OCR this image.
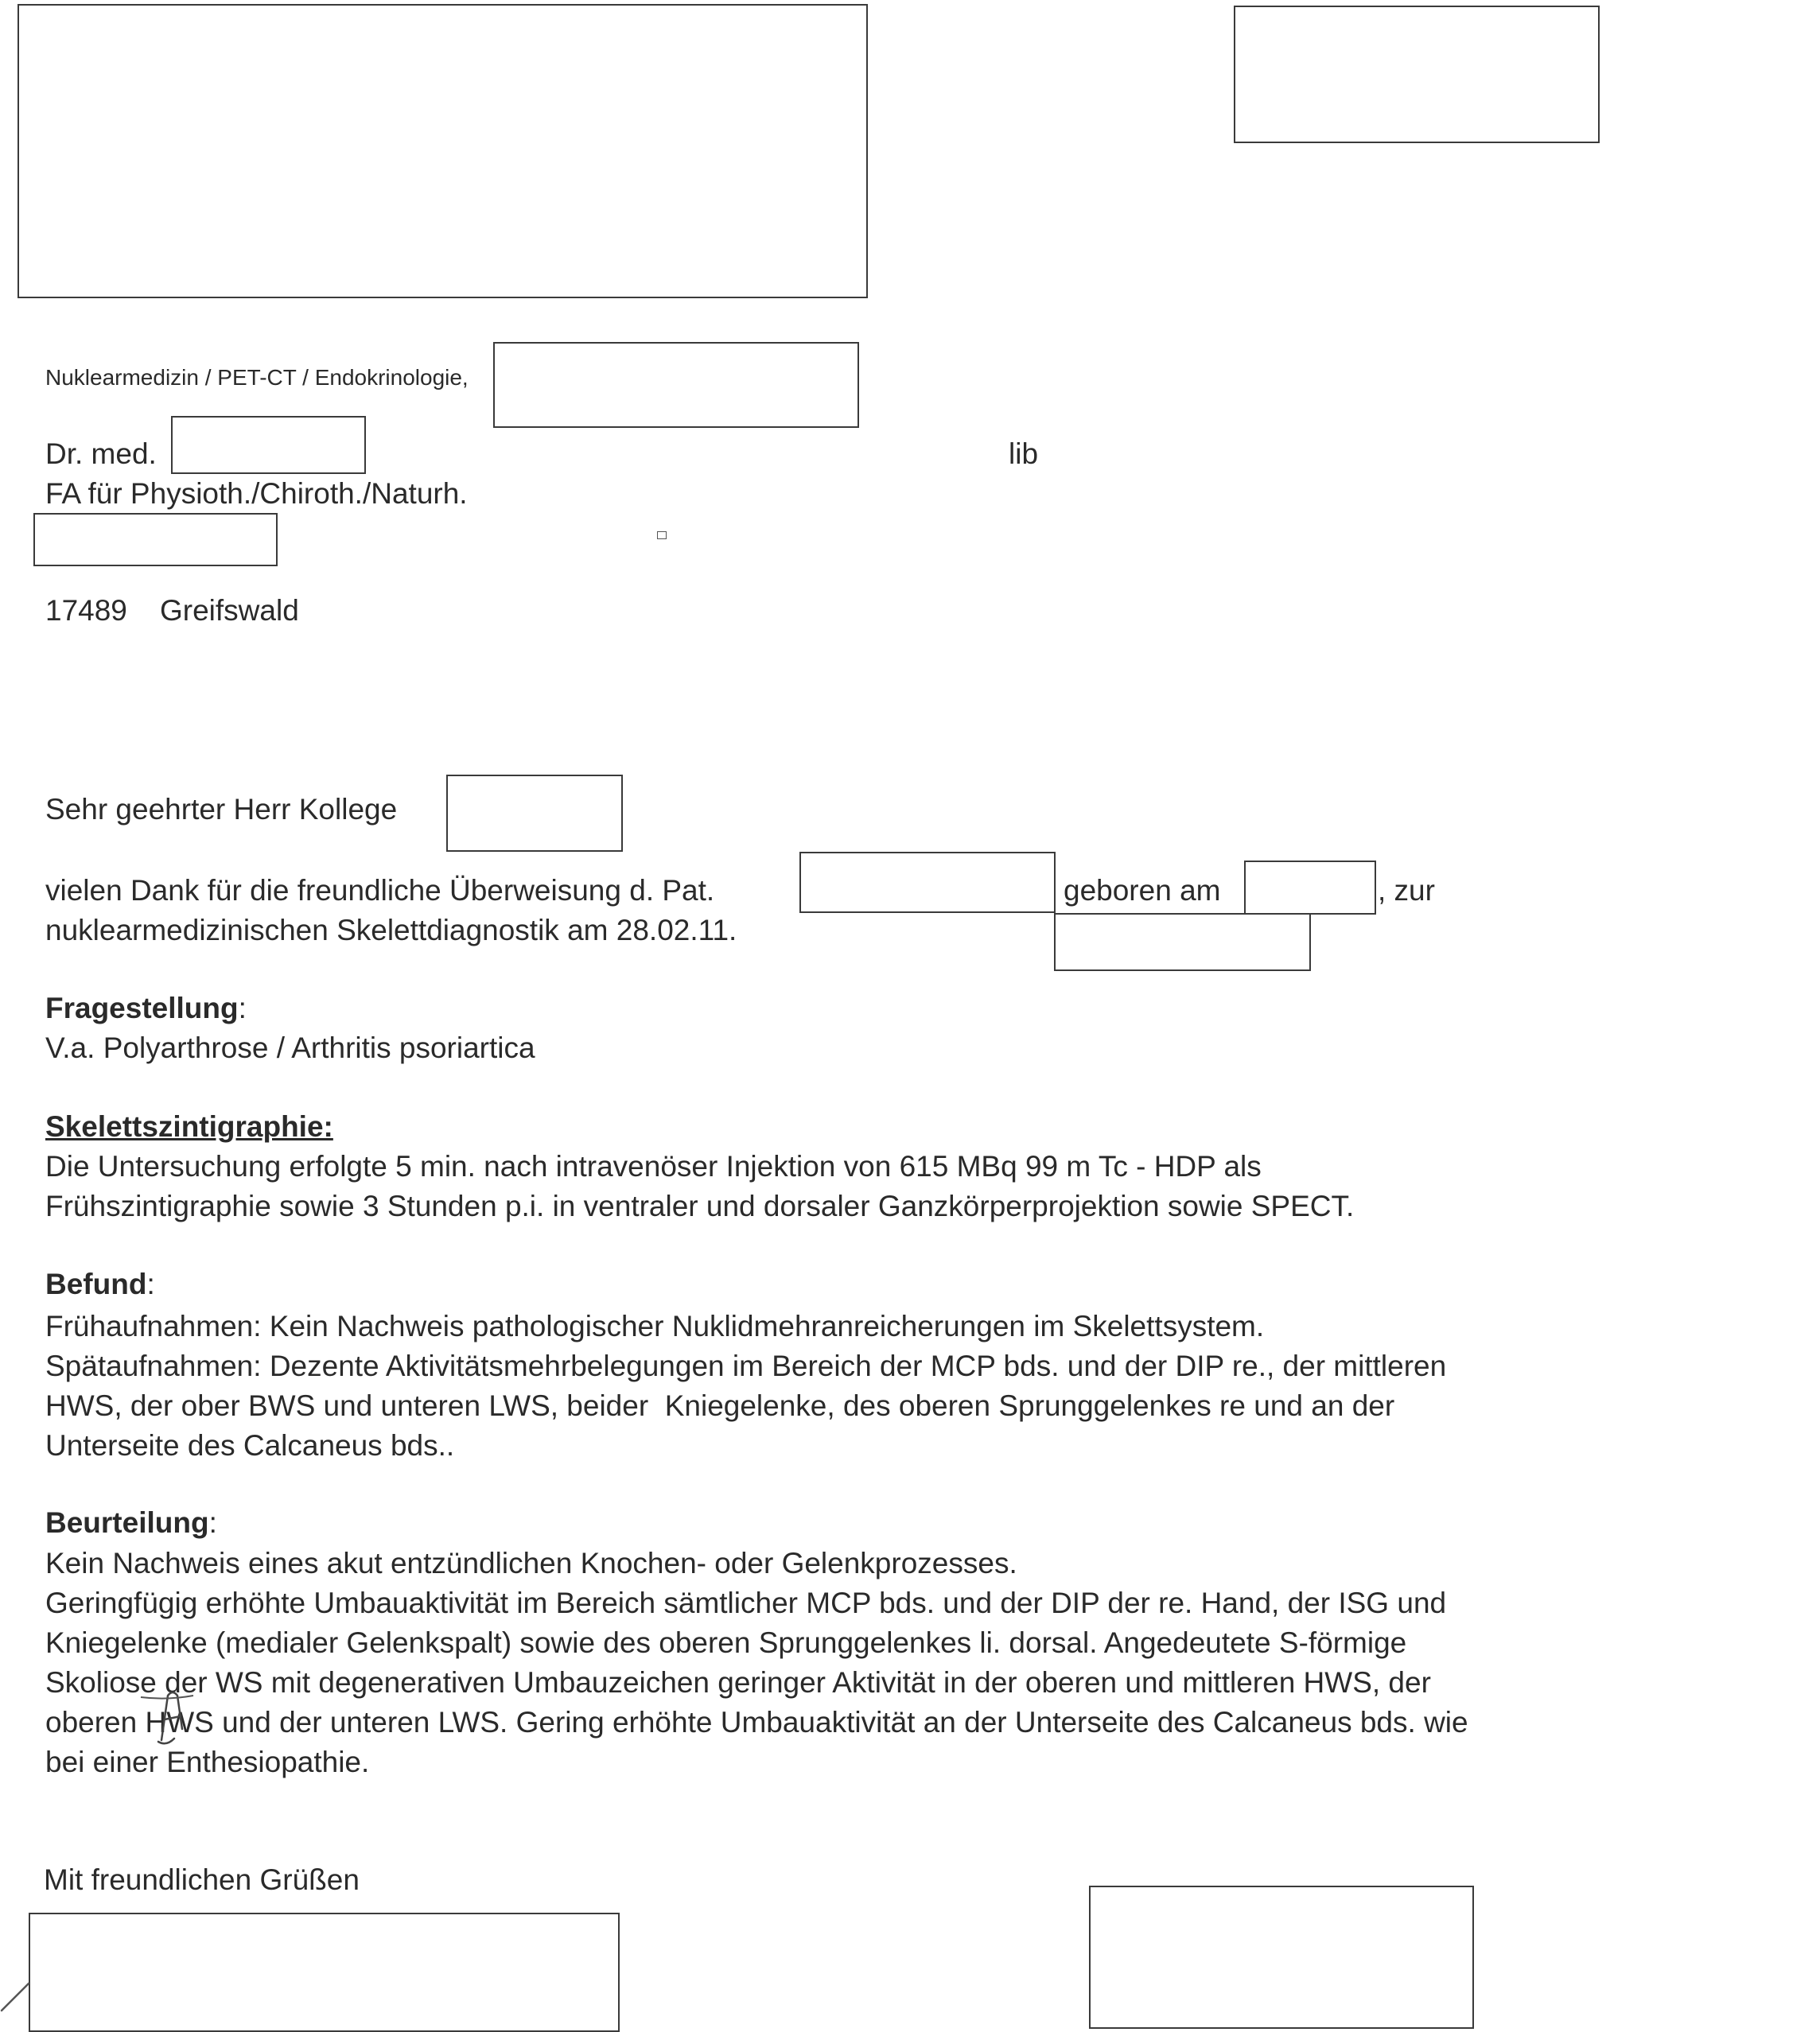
Nuklearmedizin / PET-CT / Endokrinologie,
Dr. med.	lib
FA für Physioth./Chiroth./Naturh.
17489    Greifswald
Sehr geehrter Herr Kollege
vielen Dank für die freundliche Überweisung d. Pat.	geboren am	, zur
nuklearmedizinischen Skelettdiagnostik am 28.02.11.
Fragestellung:
V.a. Polyarthrose / Arthritis psoriartica
Skelettszintigraphie:
Die Untersuchung erfolgte 5 min. nach intravenöser Injektion von 615 MBq 99 m Tc - HDP als
Frühszintigraphie sowie 3 Stunden p.i. in ventraler und dorsaler Ganzkörperprojektion sowie SPECT.
Befund:
Frühaufnahmen: Kein Nachweis pathologischer Nuklidmehranreicherungen im Skelettsystem.
Spätaufnahmen: Dezente Aktivitätsmehrbelegungen im Bereich der MCP bds. und der DIP re., der mittleren
HWS, der ober BWS und unteren LWS, beider  Kniegelenke, des oberen Sprunggelenkes re und an der
Unterseite des Calcaneus bds..
Beurteilung:
Kein Nachweis eines akut entzündlichen Knochen- oder Gelenkprozesses.
Geringfügig erhöhte Umbauaktivität im Bereich sämtlicher MCP bds. und der DIP der re. Hand, der ISG und
Kniegelenke (medialer Gelenkspalt) sowie des oberen Sprunggelenkes li. dorsal. Angedeutete S-förmige
Skoliose der WS mit degenerativen Umbauzeichen geringer Aktivität in der oberen und mittleren HWS, der
oberen HWS und der unteren LWS. Gering erhöhte Umbauaktivität an der Unterseite des Calcaneus bds. wie
bei einer Enthesiopathie.
Mit freundlichen Grüßen
